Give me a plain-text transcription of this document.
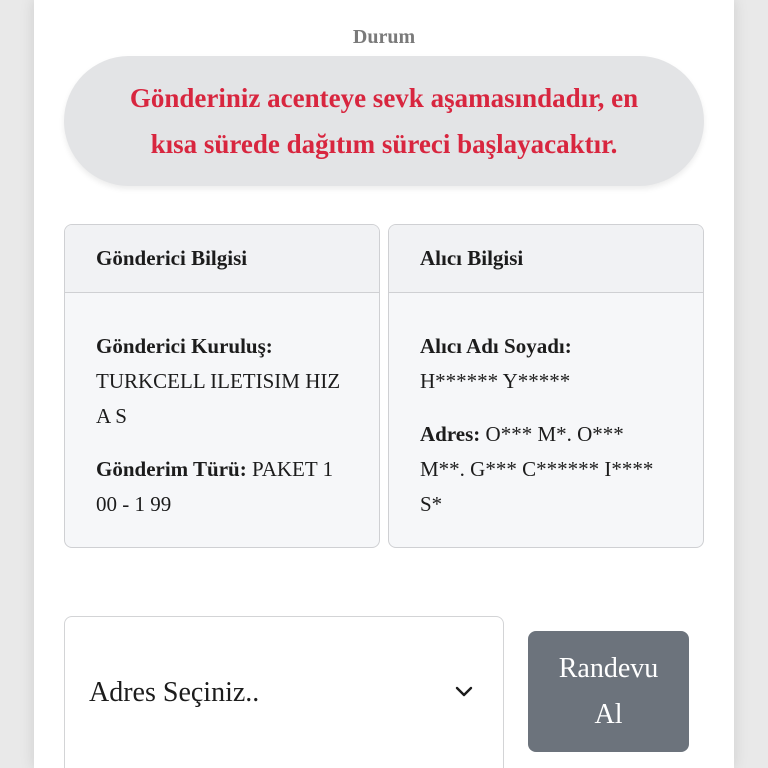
Durum
Gönderiniz acenteye sevk aşamasındadır, en kısa sürede dağıtım süreci başlayacaktır.
Gönderici Bilgisi
Gönderici Kuruluş:
TURKCELL ILETISIM HIZ A S
Gönderim Türü: PAKET 1 00 - 1 99
Alıcı Bilgisi
Alıcı Adı Soyadı:
H****** Y*****
Adres: O*** M*. O*** M**. G*** C****** I**** S*
Adres Seçiniz..
Randevu Al
